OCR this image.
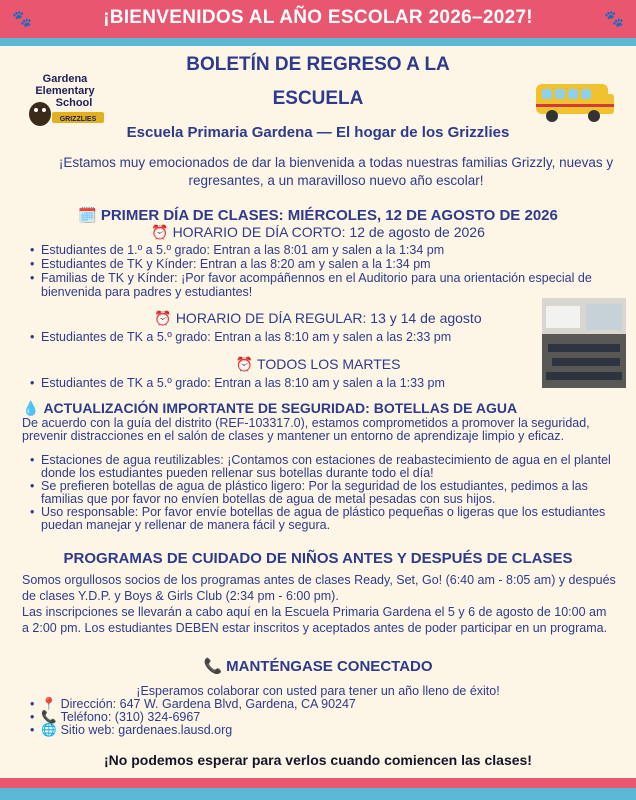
🐾	¡BIENVENIDOS AL AÑO ESCOLAR 2026–2027!	🐾
BOLETÍN DE REGRESO A LA
ESCUELA
Gardena
Elementary
School
GRIZZLIES
Escuela Primaria Gardena — El hogar de los Grizzlies
¡Estamos muy emocionados de dar la bienvenida a todas nuestras familias Grizzly, nuevas y regresantes, a un maravilloso nuevo año escolar!
🗓️ PRIMER DÍA DE CLASES: MIÉRCOLES, 12 DE AGOSTO DE 2026
⏰ HORARIO DE DÍA CORTO: 12 de agosto de 2026
• Estudiantes de 1.º a 5.º grado: Entran a las 8:01 am y salen a la 1:34 pm
• Estudiantes de TK y Kínder: Entran a las 8:20 am y salen a la 1:34 pm
• Familias de TK y Kínder: ¡Por favor acompáñennos en el Auditorio para una orientación especial de bienvenida para padres y estudiantes!
⏰ HORARIO DE DÍA REGULAR: 13 y 14 de agosto
• Estudiantes de TK a 5.º grado: Entran a las 8:10 am y salen a las 2:33 pm
⏰ TODOS LOS MARTES
• Estudiantes de TK a 5.º grado: Entran a las 8:10 am y salen a la 1:33 pm
💧 ACTUALIZACIÓN IMPORTANTE DE SEGURIDAD: BOTELLAS DE AGUA
De acuerdo con la guía del distrito (REF-103317.0), estamos comprometidos a promover la seguridad, prevenir distracciones en el salón de clases y mantener un entorno de aprendizaje limpio y eficaz.
• Estaciones de agua reutilizables: ¡Contamos con estaciones de reabastecimiento de agua en el plantel donde los estudiantes pueden rellenar sus botellas durante todo el día!
• Se prefieren botellas de agua de plástico ligero: Por la seguridad de los estudiantes, pedimos a las familias que por favor no envíen botellas de agua de metal pesadas con sus hijos.
• Uso responsable: Por favor envíe botellas de agua de plástico pequeñas o ligeras que los estudiantes puedan manejar y rellenar de manera fácil y segura.
PROGRAMAS DE CUIDADO DE NIÑOS ANTES Y DESPUÉS DE CLASES
Somos orgullosos socios de los programas antes de clases Ready, Set, Go! (6:40 am - 8:05 am) y después de clases Y.D.P. y Boys & Girls Club (2:34 pm - 6:00 pm).
Las inscripciones se llevarán a cabo aquí en la Escuela Primaria Gardena el 5 y 6 de agosto de 10:00 am a 2:00 pm. Los estudiantes DEBEN estar inscritos y aceptados antes de poder participar en un programa.
📞 MANTÉNGASE CONECTADO
¡Esperamos colaborar con usted para tener un año lleno de éxito!
• 📍 Dirección: 647 W. Gardena Blvd, Gardena, CA 90247
• 📞 Teléfono: (310) 324-6967
• 🌐 Sitio web: gardenaes.lausd.org
¡No podemos esperar para verlos cuando comiencen las clases!
